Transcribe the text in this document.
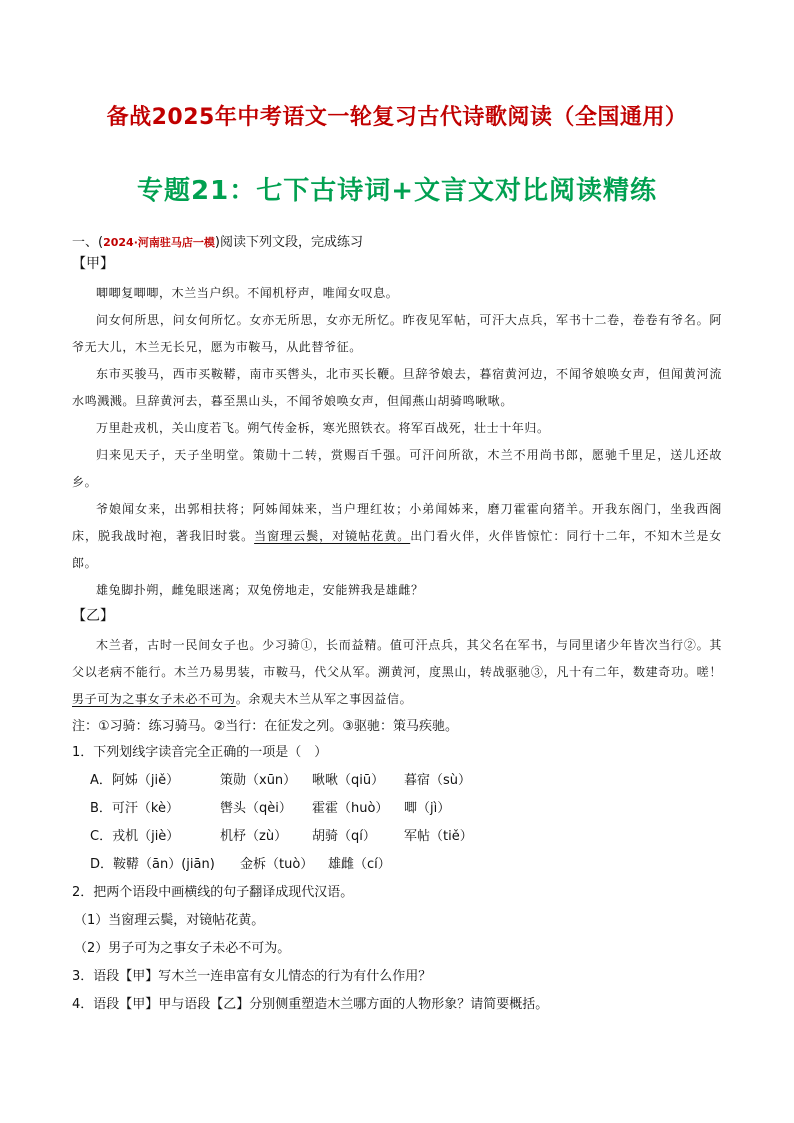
备战2025年中考语文一轮复习古代诗歌阅读（全国通用）
专题21：七下古诗词+文言文对比阅读精练
一、(2024·河南驻马店一模)阅读下列文段，完成练习
【甲】

唧唧复唧唧，木兰当户织。不闻机杼声，唯闻女叹息。

问女何所思，问女何所忆。女亦无所思，女亦无所忆。昨夜见军帖，可汗大点兵，军书十二卷，卷卷有爷名。阿爷无大儿，木兰无长兄，愿为市鞍马，从此替爷征。

东市买骏马，西市买鞍鞯，南市买辔头，北市买长鞭。旦辞爷娘去，暮宿黄河边，不闻爷娘唤女声，但闻黄河流水鸣溅溅。旦辞黄河去，暮至黑山头，不闻爷娘唤女声，但闻燕山胡骑鸣啾啾。

万里赴戎机，关山度若飞。朔气传金柝，寒光照铁衣。将军百战死，壮士十年归。

归来见天子，天子坐明堂。策勋十二转，赏赐百千强。可汗问所欲，木兰不用尚书郎，愿驰千里足，送儿还故乡。

爷娘闻女来，出郭相扶将；阿姊闻妹来，当户理红妆；小弟闻姊来，磨刀霍霍向猪羊。开我东阁门，坐我西阁床，脱我战时袍，著我旧时裳。当窗理云鬓，对镜帖花黄。出门看火伴，火伴皆惊忙：同行十二年，不知木兰是女郎。

雄兔脚扑朔，雌兔眼迷离；双兔傍地走，安能辨我是雄雌？

【乙】

木兰者，古时一民间女子也。少习骑①，长而益精。值可汗点兵，其父名在军书，与同里诸少年皆次当行②。其父以老病不能行。木兰乃易男装，市鞍马，代父从军。溯黄河，度黑山，转战驱驰③，凡十有二年，数建奇功。嗟！男子可为之事女子未必不可为。余观夫木兰从军之事因益信。

注：①习骑：练习骑马。②当行：在征发之列。③驱驰：策马疾驰。
1．下列划线字读音完全正确的一项是（　）
A．阿姊（jiě）	策勋（xūn）	啾啾（qiū）	暮宿（sù）
B．可汗（kè）	辔头（qèi）	霍霍（huò）	唧（jì）
C．戎机（jiè）	机杼（zù）	胡骑（qí）	军帖（tiě）
D．鞍鞯（ān）(jiān)	金柝（tuò）	雄雌（cí）
2．把两个语段中画横线的句子翻译成现代汉语。
（1）当窗理云鬓，对镜帖花黄。
（2）男子可为之事女子未必不可为。
3．语段【甲】写木兰一连串富有女儿情态的行为有什么作用？
4．语段【甲】甲与语段【乙】分别侧重塑造木兰哪方面的人物形象？请简要概括。
